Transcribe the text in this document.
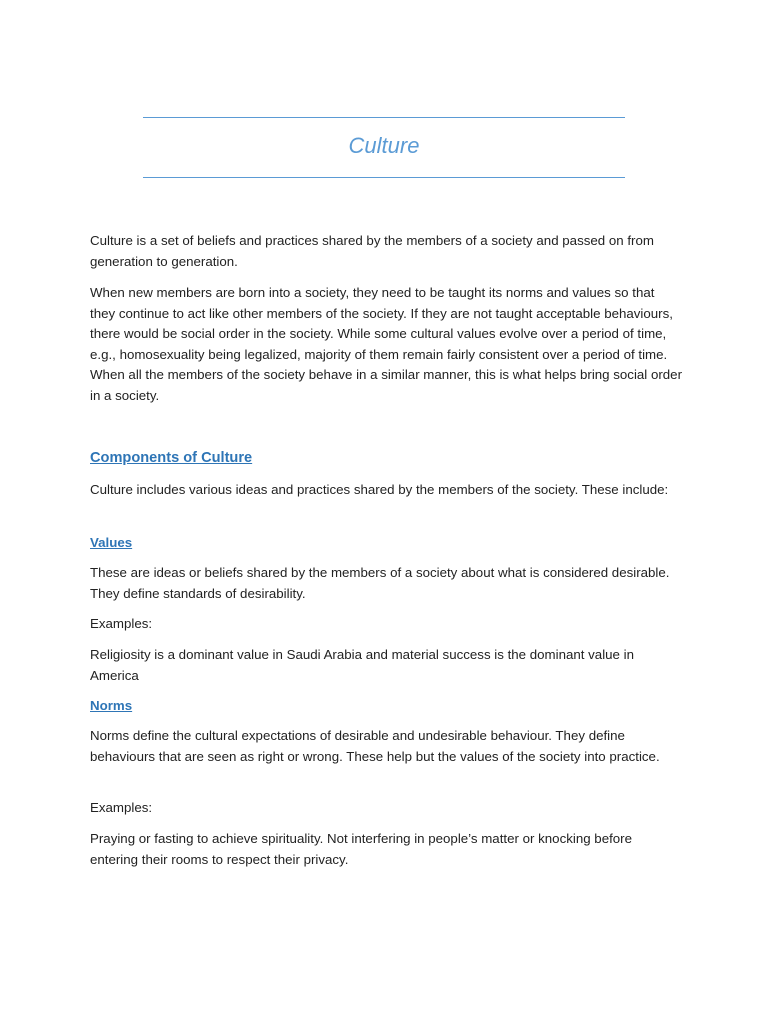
Culture

Culture is a set of beliefs and practices shared by the members of a society and passed on from generation to generation.

When new members are born into a society, they need to be taught its norms and values so that they continue to act like other members of the society. If they are not taught acceptable behaviours, there would be social order in the society. While some cultural values evolve over a period of time, e.g., homosexuality being legalized, majority of them remain fairly consistent over a period of time. When all the members of the society behave in a similar manner, this is what helps bring social order in a society.

Components of Culture

Culture includes various ideas and practices shared by the members of the society. These include:

Values

These are ideas or beliefs shared by the members of a society about what is considered desirable. They define standards of desirability.

Examples:

Religiosity is a dominant value in Saudi Arabia and material success is the dominant value in America

Norms

Norms define the cultural expectations of desirable and undesirable behaviour. They define behaviours that are seen as right or wrong. These help but the values of the society into practice.

Examples:

Praying or fasting to achieve spirituality. Not interfering in people’s matter or knocking before entering their rooms to respect their privacy.
